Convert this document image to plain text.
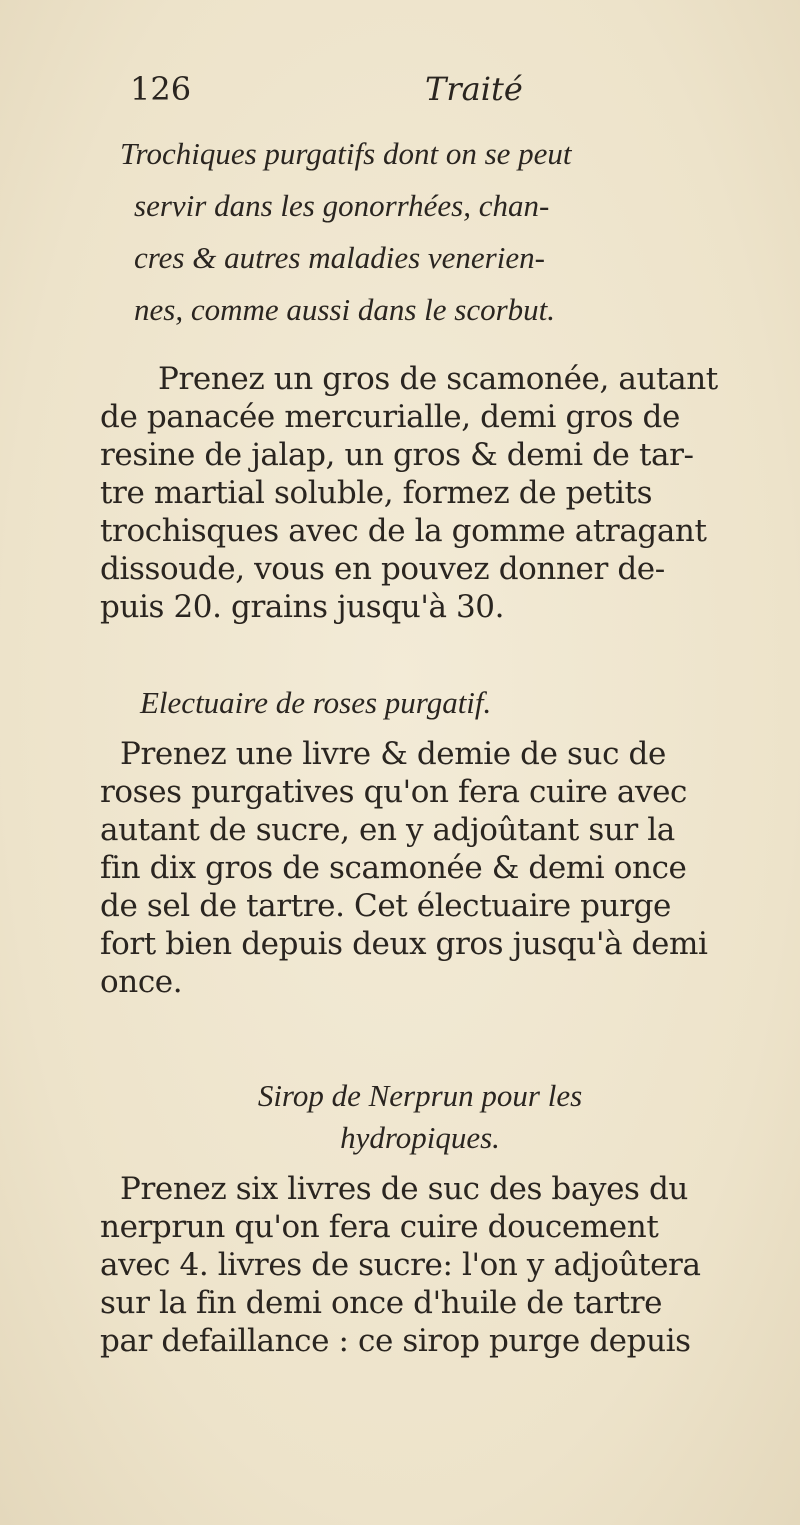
126	Traité
Trochiques purgatifs dont on se peut
servir dans les gonorrhées, chan-
cres & autres maladies venerien-
nes, comme aussi dans le scorbut.
Prenez un gros de scamonée, autant
de panacée mercurialle, demi gros de
resine de jalap, un gros & demi de tar-
tre martial soluble, formez de petits
trochisques avec de la gomme atragant
dissoude, vous en pouvez donner de-
puis 20. grains jusqu'à 30.
Electuaire de roses purgatif.
Prenez une livre & demie de suc de
roses purgatives qu'on fera cuire avec
autant de sucre, en y adjoûtant sur la
fin dix gros de scamonée & demi once
de sel de tartre. Cet électuaire purge
fort bien depuis deux gros jusqu'à demi
once.
Sirop de Nerprun pour les
hydropiques.
Prenez six livres de suc des bayes du
nerprun qu'on fera cuire doucement
avec 4. livres de sucre: l'on y adjoûtera
sur la fin demi once d'huile de tartre
par defaillance : ce sirop purge depuis
